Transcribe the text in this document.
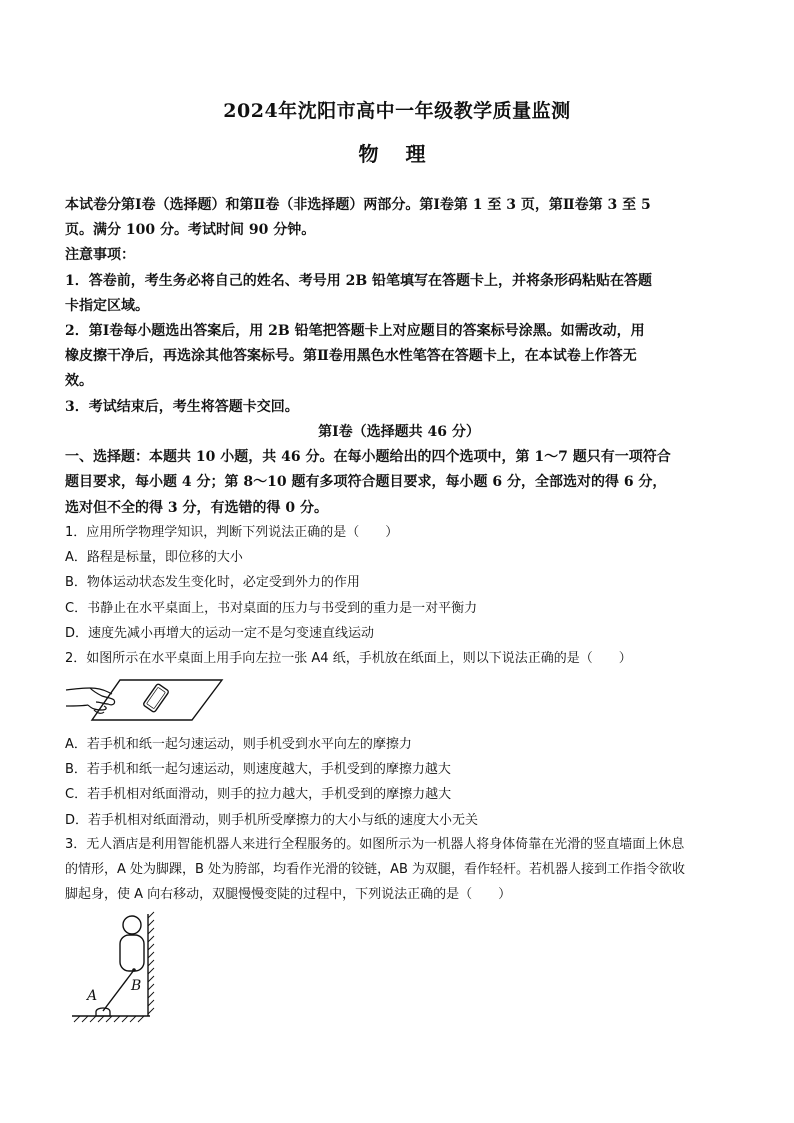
2024年沈阳市高中一年级教学质量监测
物 理
本试卷分第Ⅰ卷（选择题）和第Ⅱ卷（非选择题）两部分。第Ⅰ卷第 1 至 3 页，第Ⅱ卷第 3 至 5
页。满分 100 分。考试时间 90 分钟。
注意事项：
1．答卷前，考生务必将自己的姓名、考号用 2B 铅笔填写在答题卡上，并将条形码粘贴在答题
卡指定区域。
2．第Ⅰ卷每小题选出答案后，用 2B 铅笔把答题卡上对应题目的答案标号涂黑。如需改动，用
橡皮擦干净后，再选涂其他答案标号。第Ⅱ卷用黑色水性笔答在答题卡上，在本试卷上作答无
效。
3．考试结束后，考生将答题卡交回。
第Ⅰ卷（选择题共 46 分）
一、选择题：本题共 10 小题，共 46 分。在每小题给出的四个选项中，第 1～7 题只有一项符合
题目要求，每小题 4 分；第 8～10 题有多项符合题目要求，每小题 6 分，全部选对的得 6 分，
选对但不全的得 3 分，有选错的得 0 分。
1．应用所学物理学知识，判断下列说法正确的是（　　）
A．路程是标量，即位移的大小
B．物体运动状态发生变化时，必定受到外力的作用
C．书静止在水平桌面上，书对桌面的压力与书受到的重力是一对平衡力
D．速度先减小再增大的运动一定不是匀变速直线运动
2．如图所示在水平桌面上用手向左拉一张 A4 纸，手机放在纸面上，则以下说法正确的是（　　）
A．若手机和纸一起匀速运动，则手机受到水平向左的摩擦力
B．若手机和纸一起匀速运动，则速度越大，手机受到的摩擦力越大
C．若手机相对纸面滑动，则手的拉力越大，手机受到的摩擦力越大
D．若手机相对纸面滑动，则手机所受摩擦力的大小与纸的速度大小无关
3．无人酒店是利用智能机器人来进行全程服务的。如图所示为一机器人将身体倚靠在光滑的竖直墙面上休息
的情形，A 处为脚踝，B 处为胯部，均看作光滑的铰链，AB 为双腿，看作轻杆。若机器人接到工作指令欲收
脚起身，使 A 向右移动，双腿慢慢变陡的过程中，下列说法正确的是（　　）
A
B
